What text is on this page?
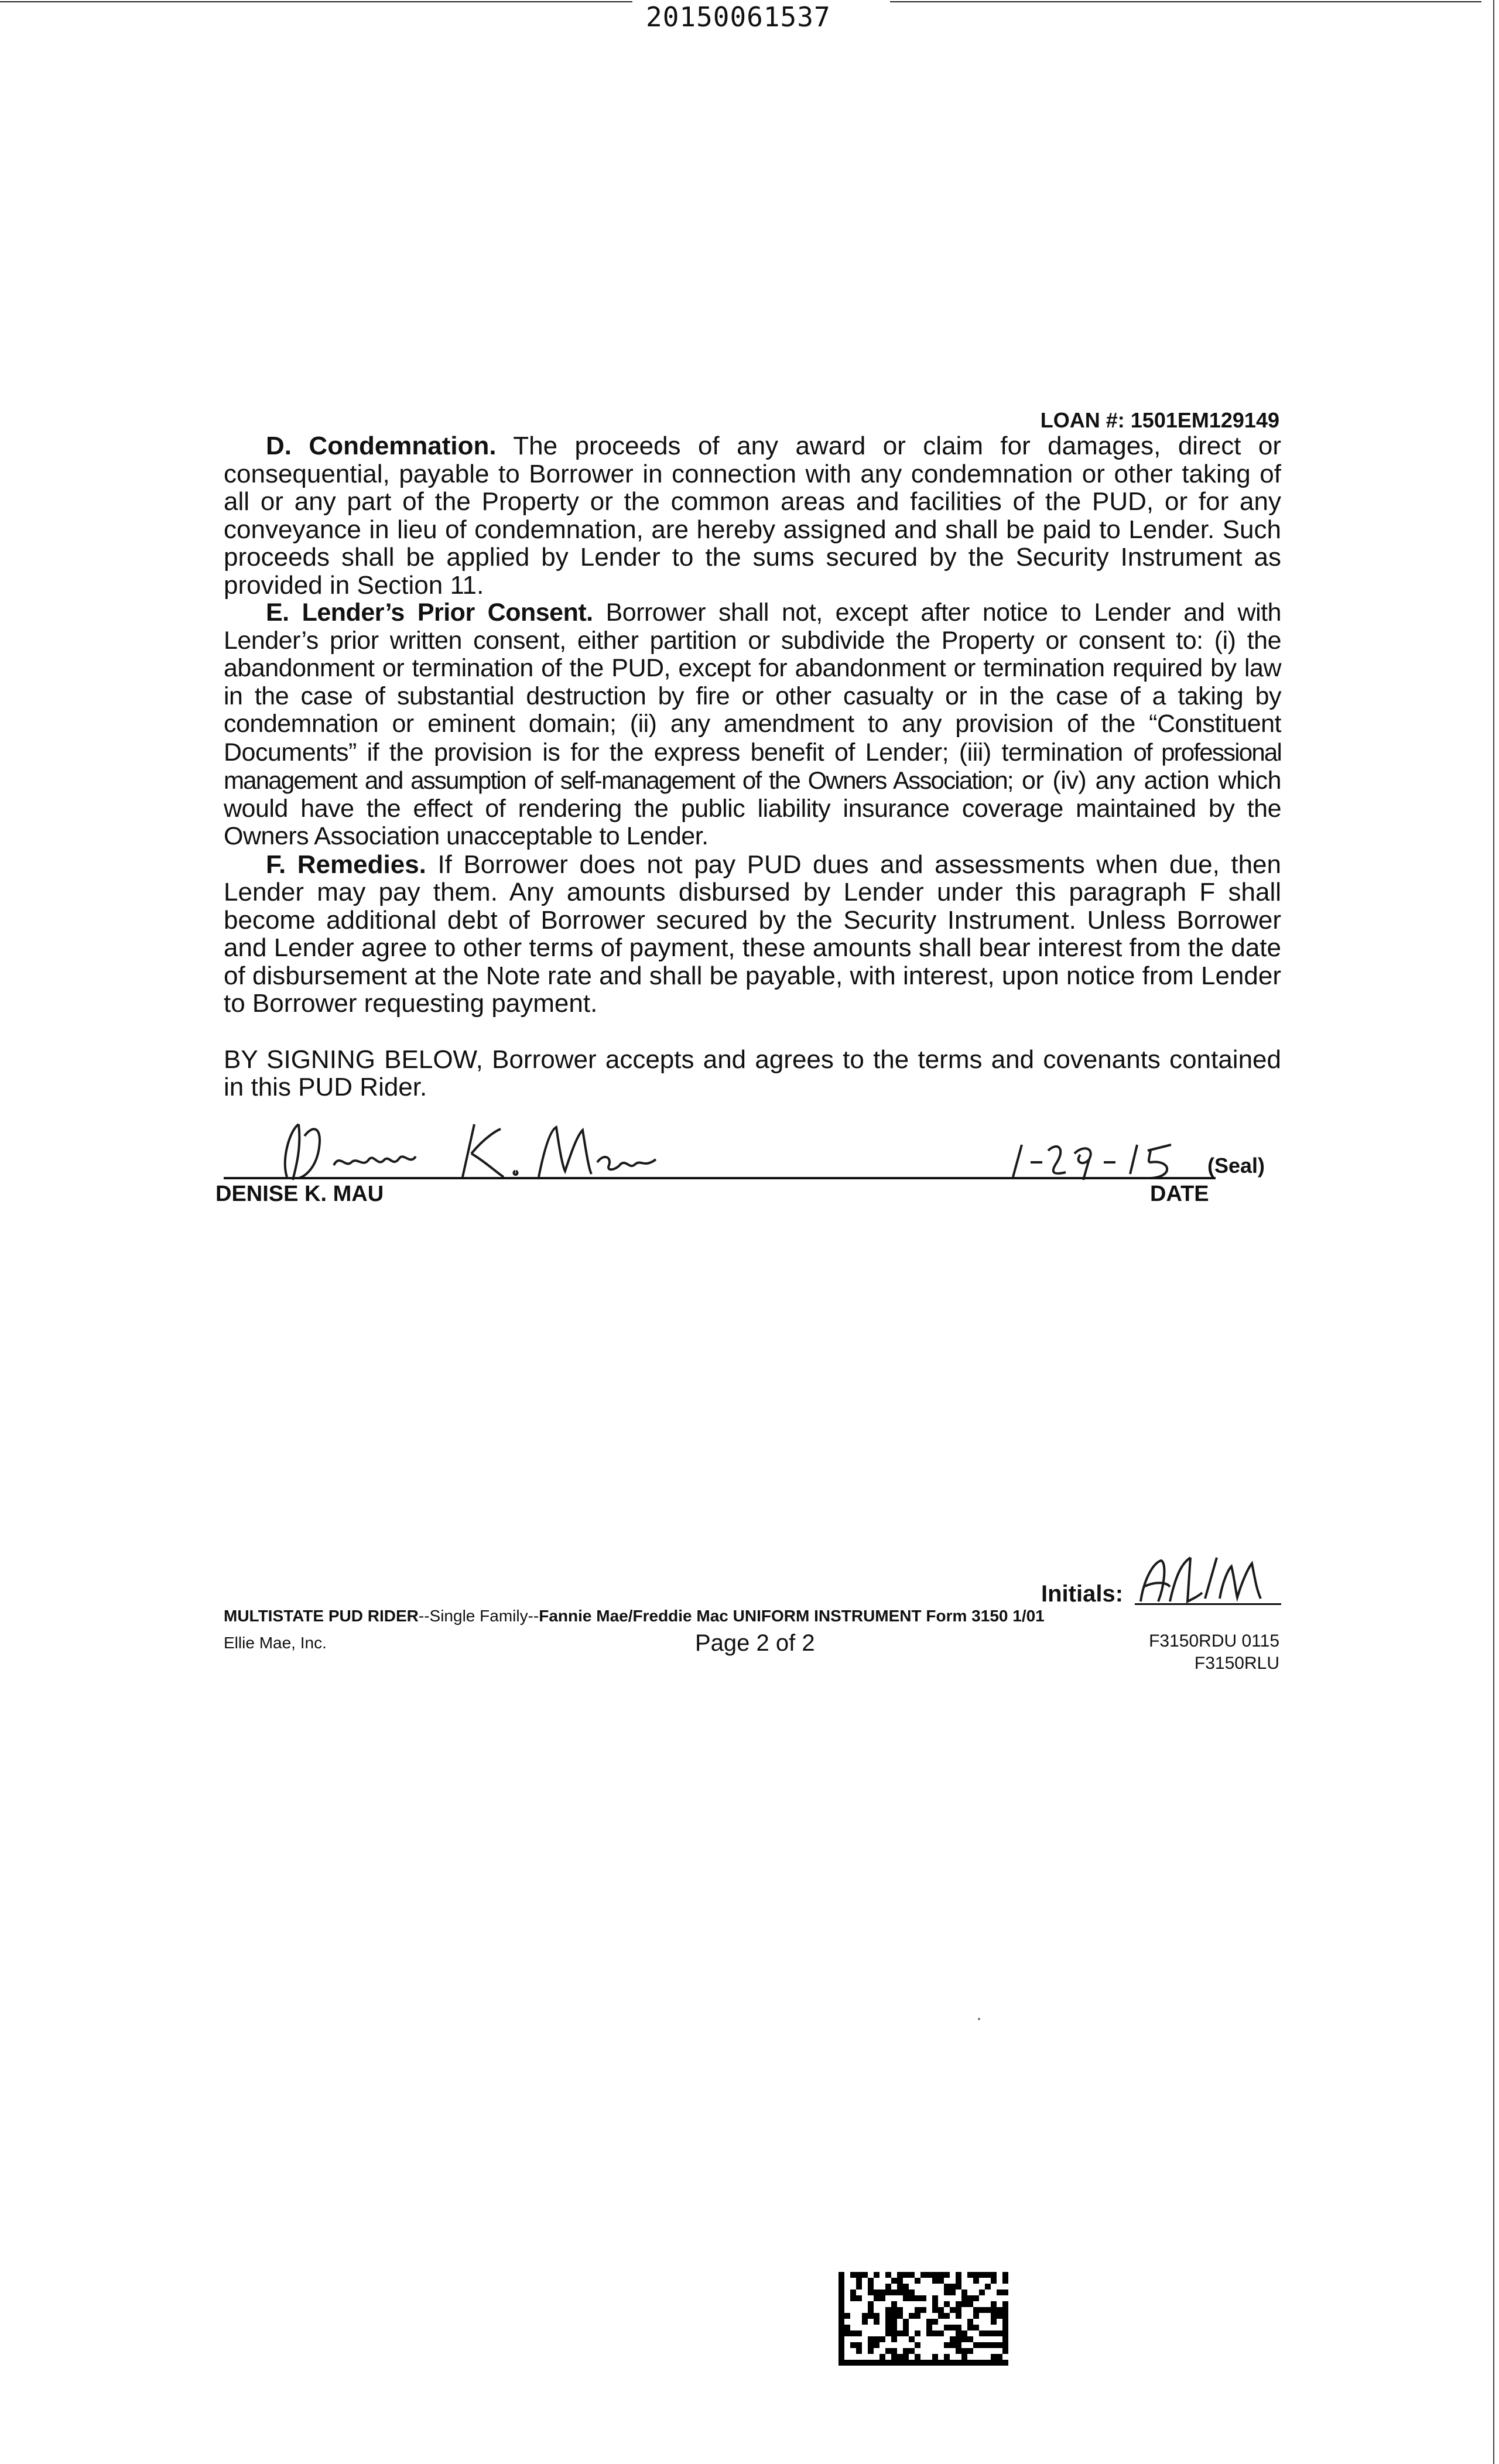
20150061537
LOAN #: 1501EM129149

D. Condemnation. The proceeds of any award or claim for damages, direct or consequential, payable to Borrower in connection with any condemnation or other taking of all or any part of the Property or the common areas and facilities of the PUD, or for any conveyance in lieu of condemnation, are hereby assigned and shall be paid to Lender. Such proceeds shall be applied by Lender to the sums secured by the Security Instrument as provided in Section 11.

E. Lender’s Prior Consent. Borrower shall not, except after notice to Lender and with Lender’s prior written consent, either partition or subdivide the Property or consent to: (i) the abandonment or termination of the PUD, except for abandonment or termination required by law in the case of substantial destruction by fire or other casualty or in the case of a taking by condemnation or eminent domain; (ii) any amendment to any provision of the “Constituent Documents” if the provision is for the express benefit of Lender; (iii) termination of professional management and assumption of self-management of the Owners Association; or (iv) any action which would have the effect of rendering the public liability insurance coverage maintained by the Owners Association unacceptable to Lender.

F. Remedies. If Borrower does not pay PUD dues and assessments when due, then Lender may pay them. Any amounts disbursed by Lender under this paragraph F shall become additional debt of Borrower secured by the Security Instrument. Unless Borrower and Lender agree to other terms of payment, these amounts shall bear interest from the date of disbursement at the Note rate and shall be payable, with interest, upon notice from Lender to Borrower requesting payment.

BY SIGNING BELOW, Borrower accepts and agrees to the terms and covenants contained in this PUD Rider.

(Seal)
DENISE K. MAU	DATE
Initials:
MULTISTATE PUD RIDER--Single Family--Fannie Mae/Freddie Mac UNIFORM INSTRUMENT Form 3150 1/01
Ellie Mae, Inc.	Page 2 of 2	F3150RDU 0115
F3150RLU
